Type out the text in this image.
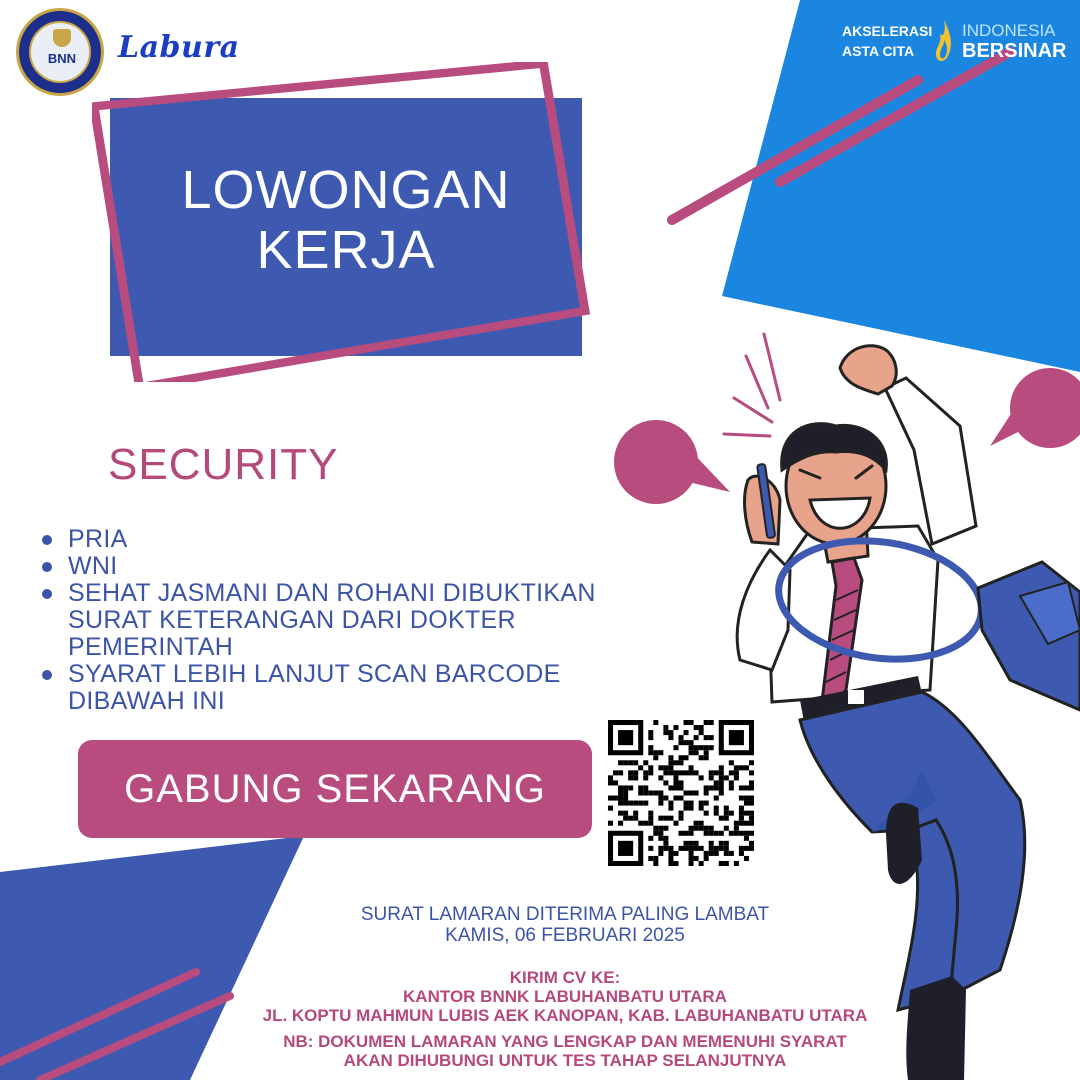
BNN	Labura	AKSELERASI
ASTA CITA
INDONESIA
BERSINAR
LOWONGAN
KERJA
SECURITY
PRIA
WNI
SEHAT JASMANI DAN ROHANI DIBUKTIKAN SURAT KETERANGAN DARI DOKTER PEMERINTAH
SYARAT LEBIH LANJUT SCAN BARCODE DIBAWAH INI
GABUNG SEKARANG
SURAT LAMARAN DITERIMA PALING LAMBAT
KAMIS, 06 FEBRUARI 2025
KIRIM CV KE:
KANTOR BNNK LABUHANBATU UTARA
JL. KOPTU MAHMUN LUBIS AEK KANOPAN, KAB. LABUHANBATU UTARA
NB: DOKUMEN LAMARAN YANG LENGKAP DAN MEMENUHI SYARAT
AKAN DIHUBUNGI UNTUK TES TAHAP SELANJUTNYA
